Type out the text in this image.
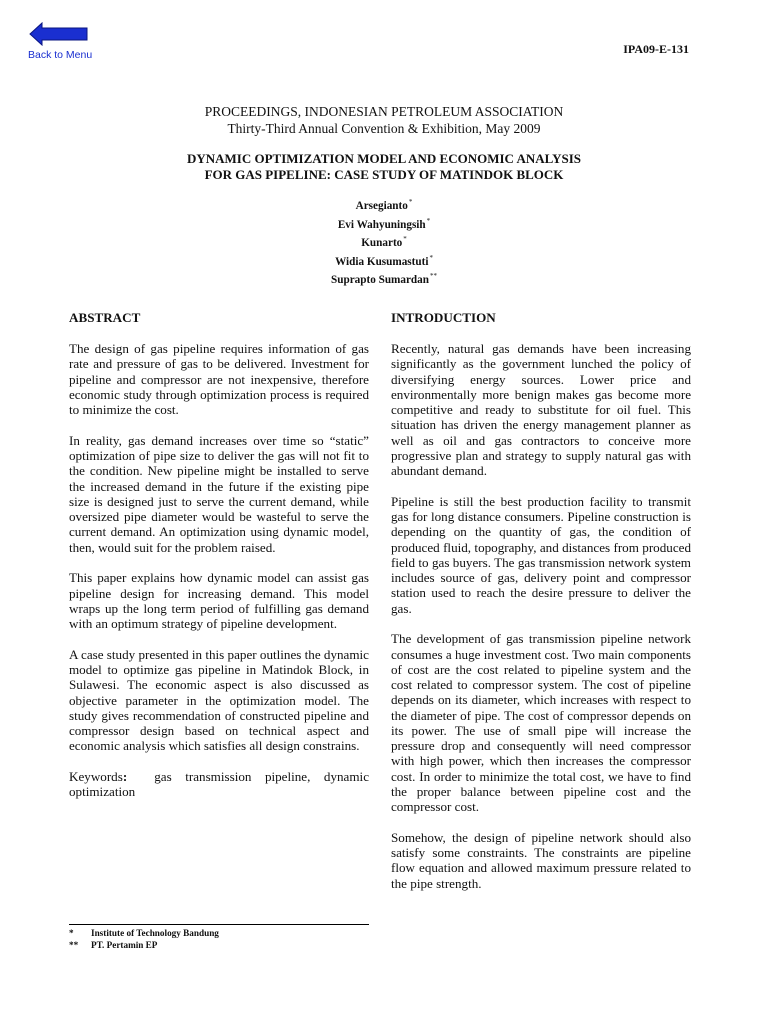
Back to Menu	IPA09-E-131
PROCEEDINGS, INDONESIAN PETROLEUM ASSOCIATION
Thirty-Third Annual Convention & Exhibition, May 2009
DYNAMIC OPTIMIZATION MODEL AND ECONOMIC ANALYSIS
FOR GAS PIPELINE: CASE STUDY OF MATINDOK BLOCK
Arsegianto*
Evi Wahyuningsih*
Kunarto*
Widia Kusumastuti*
Suprapto Sumardan**
ABSTRACT

The design of gas pipeline requires information of gas rate and pressure of gas to be delivered. Investment for pipeline and compressor are not inexpensive, therefore economic study through optimization process is required to minimize the cost.

In reality, gas demand increases over time so “static” optimization of pipe size to deliver the gas will not fit to the condition. New pipeline might be installed to serve the increased demand in the future if the existing pipe size is designed just to serve the current demand, while oversized pipe diameter would be wasteful to serve the current demand. An optimization using dynamic model, then, would suit for the problem raised.

This paper explains how dynamic model can assist gas pipeline design for increasing demand. This model wraps up the long term period of fulfilling gas demand with an optimum strategy of pipeline development.

A case study presented in this paper outlines the dynamic model to optimize gas pipeline in Matindok Block, in Sulawesi. The economic aspect is also discussed as objective parameter in the optimization model. The study gives recommendation of constructed pipeline and compressor design based on technical aspect and economic analysis which satisfies all design constrains.

Keywords: gas transmission pipeline, dynamic optimization

INTRODUCTION

Recently, natural gas demands have been increasing significantly as the government lunched the policy of diversifying energy sources. Lower price and environmentally more benign makes gas become more competitive and ready to substitute for oil fuel. This situation has driven the energy management planner as well as oil and gas contractors to conceive more progressive plan and strategy to supply natural gas with abundant demand.

Pipeline is still the best production facility to transmit gas for long distance consumers. Pipeline construction is depending on the quantity of gas, the condition of produced fluid, topography, and distances from produced field to gas buyers. The gas transmission network system includes source of gas, delivery point and compressor station used to reach the desire pressure to deliver the gas.

The development of gas transmission pipeline network consumes a huge investment cost. Two main components of cost are the cost related to pipeline system and the cost related to compressor system. The cost of pipeline depends on its diameter, which increases with respect to the diameter of pipe. The cost of compressor depends on its power. The use of small pipe will increase the pressure drop and consequently will need compressor with high power, which then increases the compressor cost. In order to minimize the total cost, we have to find the proper balance between pipeline cost and the compressor cost.

Somehow, the design of pipeline network should also satisfy some constraints. The constraints are pipeline flow equation and allowed maximum pressure related to the pipe strength.

*	Institute of Technology Bandung
**	PT. Pertamin EP
